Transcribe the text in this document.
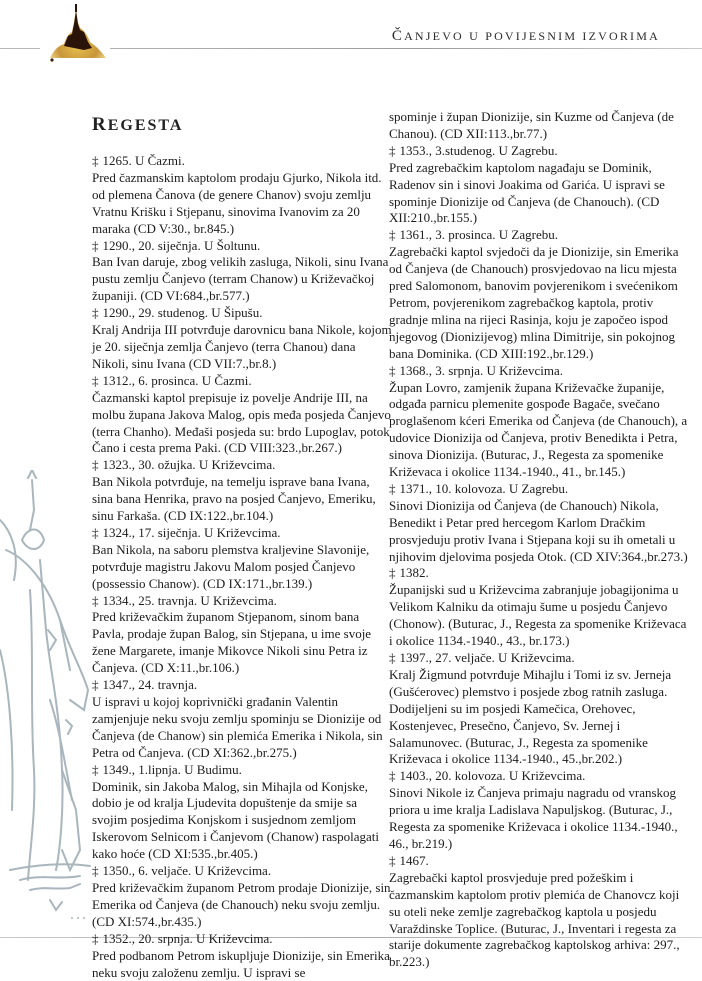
ČANJEVO U POVIJESNIM IZVORIMA
REGESTA
‡ 1265. U Čazmi.
Pred čazmanskim kaptolom prodaju Gjurko, Nikola itd. od plemena Čanova (de genere Chanov) svoju zemlju Vratnu Krišku i Stjepanu, sinovima Ivanovim za 20 maraka (CD V:30., br.845.)
‡ 1290., 20. siječnja. U Šoltunu.
Ban Ivan daruje, zbog velikih zasluga, Nikoli, sinu Ivana pustu zemlju Čanjevo (terram Chanow) u Križevačkoj županiji. (CD VI:684.,br.577.)
‡ 1290., 29. studenog. U Šipušu.
Kralj Andrija III potvrđuje darovnicu bana Nikole, kojom je 20. siječnja zemlja Čanjevo (terra Chanou) dana Nikoli, sinu Ivana (CD VII:7.,br.8.)
‡ 1312., 6. prosinca. U Čazmi.
Čazmanski kaptol prepisuje iz povelje Andrije III, na molbu župana Jakova Malog, opis međa posjeda Čanjevo (terra Chanho). Međaši posjeda su: brdo Lupoglav, potok Čano i cesta prema Paki. (CD VIII:323.,br.267.)
‡ 1323., 30. ožujka. U Križevcima.
Ban Nikola potvrđuje, na temelju isprave bana Ivana, sina bana Henrika, pravo na posjed Čanjevo, Emeriku, sinu Farkaša. (CD IX:122.,br.104.)
‡ 1324., 17. siječnja. U Križevcima.
Ban Nikola, na saboru plemstva kraljevine Slavonije, potvrđuje magistru Jakovu Malom posjed Čanjevo (possessio Chanow). (CD IX:171.,br.139.)
‡ 1334., 25. travnja. U Križevcima.
Pred križevačkim županom Stjepanom, sinom bana Pavla, prodaje župan Balog, sin Stjepana, u ime svoje žene Margarete, imanje Mikovce Nikoli sinu Petra iz Čanjeva. (CD X:11.,br.106.)
‡ 1347., 24. travnja.
U ispravi u kojoj koprivnički građanin Valentin zamjenjuje neku svoju zemlju spominju se Dionizije od Čanjeva (de Chanow) sin plemića Emerika i Nikola, sin Petra od Čanjeva. (CD XI:362.,br.275.)
‡ 1349., 1.lipnja. U Budimu.
Dominik, sin Jakoba Malog, sin Mihajla od Konjske, dobio je od kralja Ljudevita dopuštenje da smije sa svojim posjedima Konjskom i susjednom zemljom Iskerovom Selnicom i Čanjevom (Chanow) raspolagati kako hoće (CD XI:535.,br.405.)
‡ 1350., 6. veljače. U Križevcima.
Pred križevačkim županom Petrom prodaje Dionizije, sin Emerika od Čanjeva (de Chanouch) neku svoju zemlju. (CD XI:574.,br.435.)
‡ 1352., 20. srpnja. U Križevcima.
Pred podbanom Petrom iskupljuje Dionizije, sin Emerika neku svoju založenu zemlju. U ispravi se
spominje i župan Dionizije, sin Kuzme od Čanjeva (de Chanou). (CD XII:113.,br.77.)
‡ 1353., 3.studenog. U Zagrebu.
Pred zagrebačkim kaptolom nagađaju se Dominik, Radenov sin i sinovi Joakima od Garića. U ispravi se spominje Dionizije od Čanjeva (de Chanouch). (CD XII:210.,br.155.)
‡ 1361., 3. prosinca. U Zagrebu.
Zagrebački kaptol svjedoči da je Dionizije, sin Emerika od Čanjeva (de Chanouch) prosvjedovao na licu mjesta pred Salomonom, banovim povjerenikom i svećenikom Petrom, povjerenikom zagrebačkog kaptola, protiv gradnje mlina na rijeci Rasinja, koju je započeo ispod njegovog (Dionizijevog) mlina Dimitrije, sin pokojnog bana Dominika. (CD XIII:192.,br.129.)
‡ 1368., 3. srpnja. U Križevcima.
Župan Lovro, zamjenik župana Križevačke županije, odgađa parnicu plemenite gospođe Bagače, svečano proglašenom kćeri Emerika od Čanjeva (de Chanouch), a udovice Dionizija od Čanjeva, protiv Benedikta i Petra, sinova Dionizija. (Buturac, J., Regesta za spomenike Križevaca i okolice 1134.-1940., 41., br.145.)
‡ 1371., 10. kolovoza. U Zagrebu.
Sinovi Dionizija od Čanjeva (de Chanouch) Nikola, Benedikt i Petar pred hercegom Karlom Dračkim prosvjeduju protiv Ivana i Stjepana koji su ih ometali u njihovim djelovima posjeda Otok. (CD XIV:364.,br.273.)
‡ 1382.
Županijski sud u Križevcima zabranjuje jobagijonima u Velikom Kalniku da otimaju šume u posjedu Čanjevo (Chonow). (Buturac, J., Regesta za spomenike Križevaca i okolice 1134.-1940., 43., br.173.)
‡ 1397., 27. veljače. U Križevcima.
Kralj Žigmund potvrđuje Mihajlu i Tomi iz sv. Jerneja (Gušćerovec) plemstvo i posjede zbog ratnih zasluga. Dodijeljeni su im posjedi Kamečica, Orehovec, Kostenjevec, Presečno, Čanjevo, Sv. Jernej i Salamunovec. (Buturac, J., Regesta za spomenike Križevaca i okolice 1134.-1940., 45.,br.202.)
‡ 1403., 20. kolovoza. U Križevcima.
Sinovi Nikole iz Čanjeva primaju nagradu od vranskog priora u ime kralja Ladislava Napuljskog. (Buturac, J., Regesta za spomenike Križevaca i okolice 1134.-1940., 46., br.219.)
‡ 1467.
Zagrebački kaptol prosvjeduje pred požeškim i čazmanskim kaptolom protiv plemića de Chanovcz koji su oteli neke zemlje zagrebačkog kaptola u posjedu Varaždinske Toplice. (Buturac, J., Inventari i regesta za starije dokumente zagrebačkog kaptolskog arhiva: 297., br.223.)
